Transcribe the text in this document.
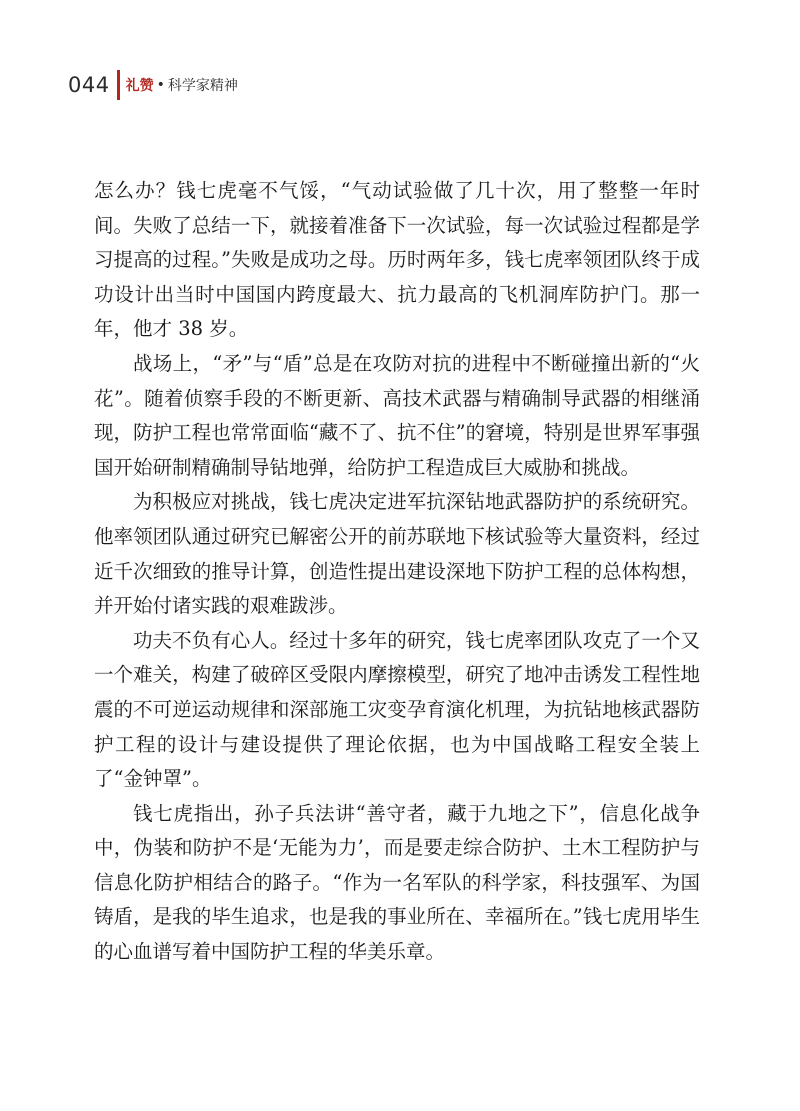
044 礼赞 • 科学家精神

怎么办？钱七虎毫不气馁，“气动试验做了几十次，用了整整一年时间。失败了总结一下，就接着准备下一次试验，每一次试验过程都是学习提高的过程。”失败是成功之母。历时两年多，钱七虎率领团队终于成功设计出当时中国国内跨度最大、抗力最高的飞机洞库防护门。那一年，他才 38 岁。

战场上，“矛”与“盾”总是在攻防对抗的进程中不断碰撞出新的“火花”。随着侦察手段的不断更新、高技术武器与精确制导武器的相继涌现，防护工程也常常面临“藏不了、抗不住”的窘境，特别是世界军事强国开始研制精确制导钻地弹，给防护工程造成巨大威胁和挑战。

为积极应对挑战，钱七虎决定进军抗深钻地武器防护的系统研究。他率领团队通过研究已解密公开的前苏联地下核试验等大量资料，经过近千次细致的推导计算，创造性提出建设深地下防护工程的总体构想，并开始付诸实践的艰难跋涉。

功夫不负有心人。经过十多年的研究，钱七虎率团队攻克了一个又一个难关，构建了破碎区受限内摩擦模型，研究了地冲击诱发工程性地震的不可逆运动规律和深部施工灾变孕育演化机理，为抗钻地核武器防护工程的设计与建设提供了理论依据，也为中国战略工程安全装上了“金钟罩”。

钱七虎指出，孙子兵法讲“善守者，藏于九地之下”，信息化战争中，伪装和防护不是‘无能为力’，而是要走综合防护、土木工程防护与信息化防护相结合的路子。“作为一名军队的科学家，科技强军、为国铸盾，是我的毕生追求，也是我的事业所在、幸福所在。”钱七虎用毕生的心血谱写着中国防护工程的华美乐章。
